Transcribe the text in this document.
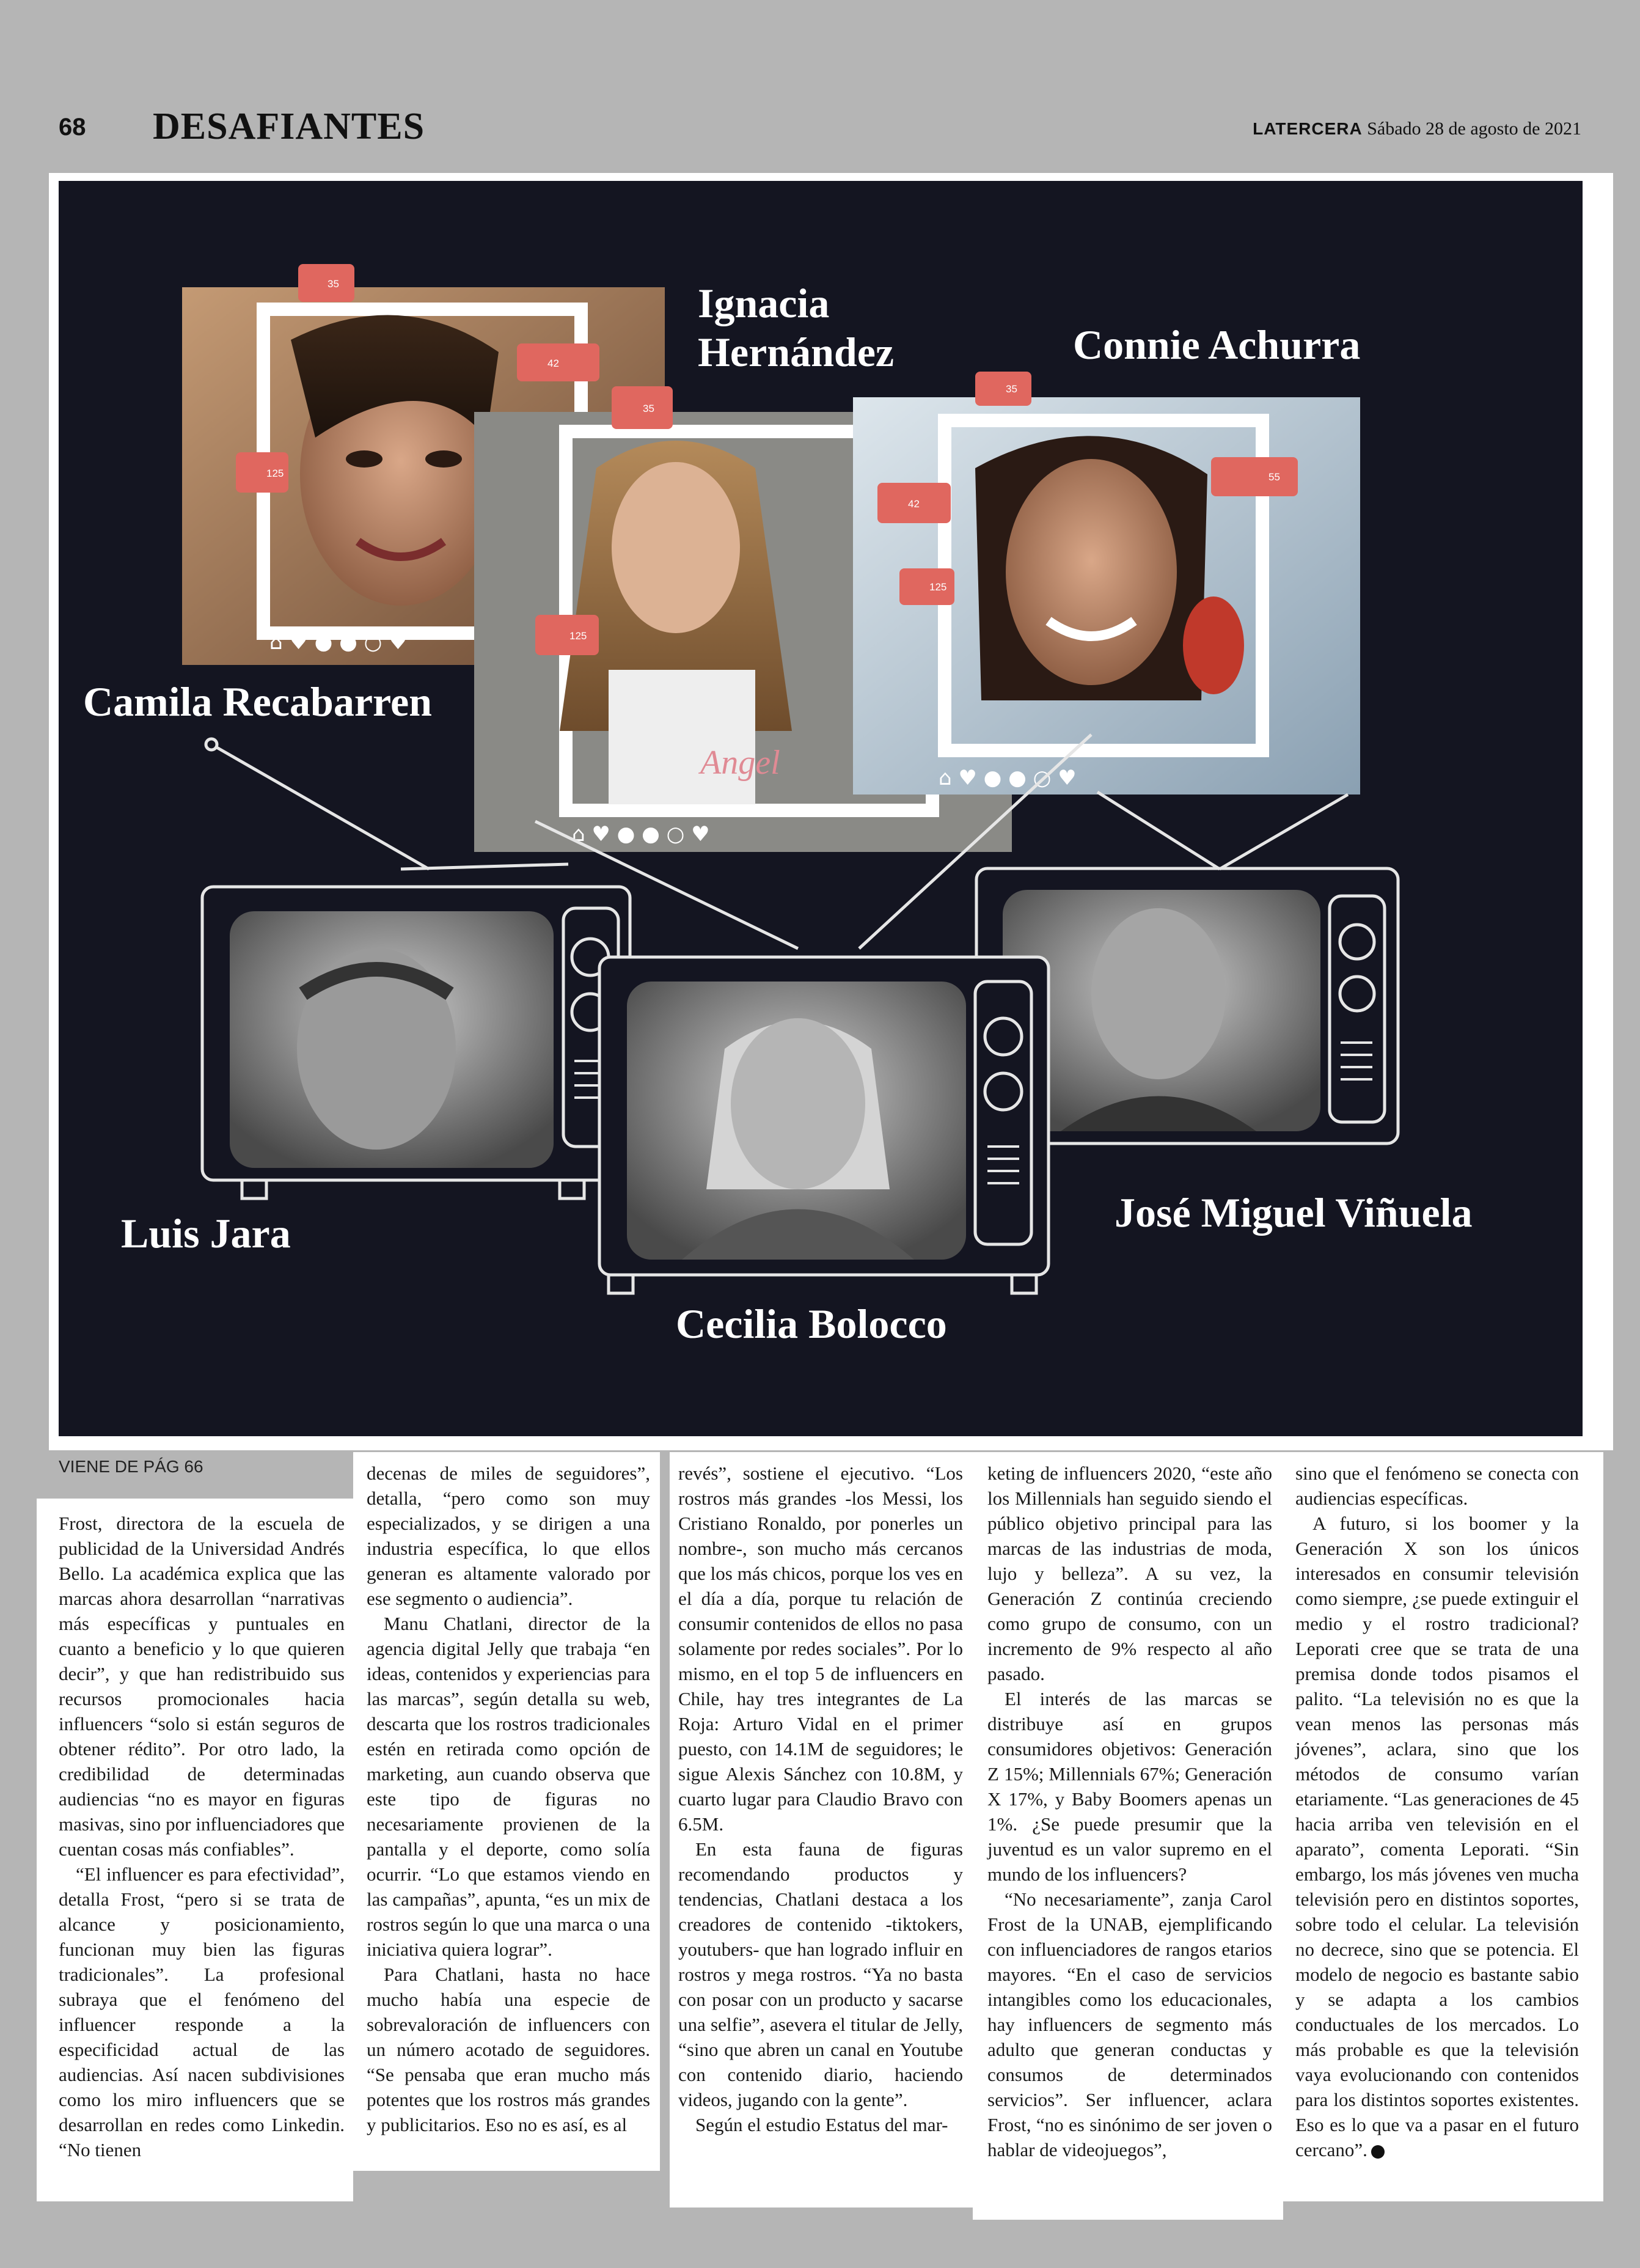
68 DESAFIANTES	LATERCERA Sábado 28 de agosto de 2021
35
42
125
35
35
55
42
125
125
⌂ ♥ ● ● ○ ♥
⌂ ♥ ● ● ○ ♥
⌂ ♥ ● ● ○ ♥
Angel
Camila Recabarren
Ignacia Hernández	Connie Achurra
Luis Jara
Cecilia Bolocco
José Miguel Viñuela
VIENE DE PÁG 66

Frost, directora de la escuela de publicidad de la Universidad Andrés Bello. La académica explica que las marcas ahora desarrollan “narrativas más específicas y puntuales en cuanto a beneficio y lo que quieren decir”, y que han redistribuido sus recursos promocionales hacia influencers “solo si están seguros de obtener rédito”. Por otro lado, la credibilidad de determinadas audiencias “no es mayor en figuras masivas, sino por influenciadores que cuentan cosas más confiables”.

“El influencer es para efectividad”, detalla Frost, “pero si se trata de alcance y posicionamiento, funcionan muy bien las figuras tradicionales”. La profesional subraya que el fenómeno del influencer responde a la especificidad actual de las audiencias. Así nacen subdivisiones como los miro influencers que se desarrollan en redes como Linkedin. “No tienen

decenas de miles de seguidores”, detalla, “pero como son muy especializados, y se dirigen a una industria específica, lo que ellos generan es altamente valorado por ese segmento o audiencia”.

Manu Chatlani, director de la agencia digital Jelly que trabaja “en ideas, contenidos y experiencias para las marcas”, según detalla su web, descarta que los rostros tradicionales estén en retirada como opción de marketing, aun cuando observa que este tipo de figuras no necesariamente provienen de la pantalla y el deporte, como solía ocurrir. “Lo que estamos viendo en las campañas”, apunta, “es un mix de rostros según lo que una marca o una iniciativa quiera lograr”.

Para Chatlani, hasta no hace mucho había una especie de sobrevaloración de influencers con un número acotado de seguidores. “Se pensaba que eran mucho más potentes que los rostros más grandes y publicitarios. Eso no es así, es al

revés”, sostiene el ejecutivo. “Los rostros más grandes -los Messi, los Cristiano Ronaldo, por ponerles un nombre-, son mucho más cercanos que los más chicos, porque los ves en el día a día, porque tu relación de consumir contenidos de ellos no pasa solamente por redes sociales”. Por lo mismo, en el top 5 de influencers en Chile, hay tres integrantes de La Roja: Arturo Vidal en el primer puesto, con 14.1M de seguidores; le sigue Alexis Sánchez con 10.8M, y cuarto lugar para Claudio Bravo con 6.5M.

En esta fauna de figuras recomendando productos y tendencias, Chatlani destaca a los creadores de contenido -tiktokers, youtubers- que han logrado influir en rostros y mega rostros. “Ya no basta con posar con un producto y sacarse una selfie”, asevera el titular de Jelly, “sino que abren un canal en Youtube con contenido diario, haciendo videos, jugando con la gente”.

Según el estudio Estatus del mar-

keting de influencers 2020, “este año los Millennials han seguido siendo el público objetivo principal para las marcas de las industrias de moda, lujo y belleza”. A su vez, la Generación Z continúa creciendo como grupo de consumo, con un incremento de 9% respecto al año pasado.

El interés de las marcas se distribuye así en grupos consumidores objetivos: Generación Z 15%; Millennials 67%; Generación X 17%, y Baby Boomers apenas un 1%. ¿Se puede presumir que la juventud es un valor supremo en el mundo de los influencers?

“No necesariamente”, zanja Carol Frost de la UNAB, ejemplificando con influenciadores de rangos etarios mayores. “En el caso de servicios intangibles como los educacionales, hay influencers de segmento más adulto que generan conductas y consumos de determinados servicios”. Ser influencer, aclara Frost, “no es sinónimo de ser joven o hablar de videojuegos”,

sino que el fenómeno se conecta con audiencias específicas.

A futuro, si los boomer y la Generación X son los únicos interesados en consumir televisión como siempre, ¿se puede extinguir el medio y el rostro tradicional? Leporati cree que se trata de una premisa donde todos pisamos el palito. “La televisión no es que la vean menos las personas más jóvenes”, aclara, sino que los métodos de consumo varían etariamente. “Las generaciones de 45 hacia arriba ven televisión en el aparato”, comenta Leporati. “Sin embargo, los más jóvenes ven mucha televisión pero en distintos soportes, sobre todo el celular. La televisión no decrece, sino que se potencia. El modelo de negocio es bastante sabio y se adapta a los cambios conductuales de los mercados. Lo más probable es que la televisión vaya evolucionando con contenidos para los distintos soportes existentes. Eso es lo que va a pasar en el futuro cercano”.
